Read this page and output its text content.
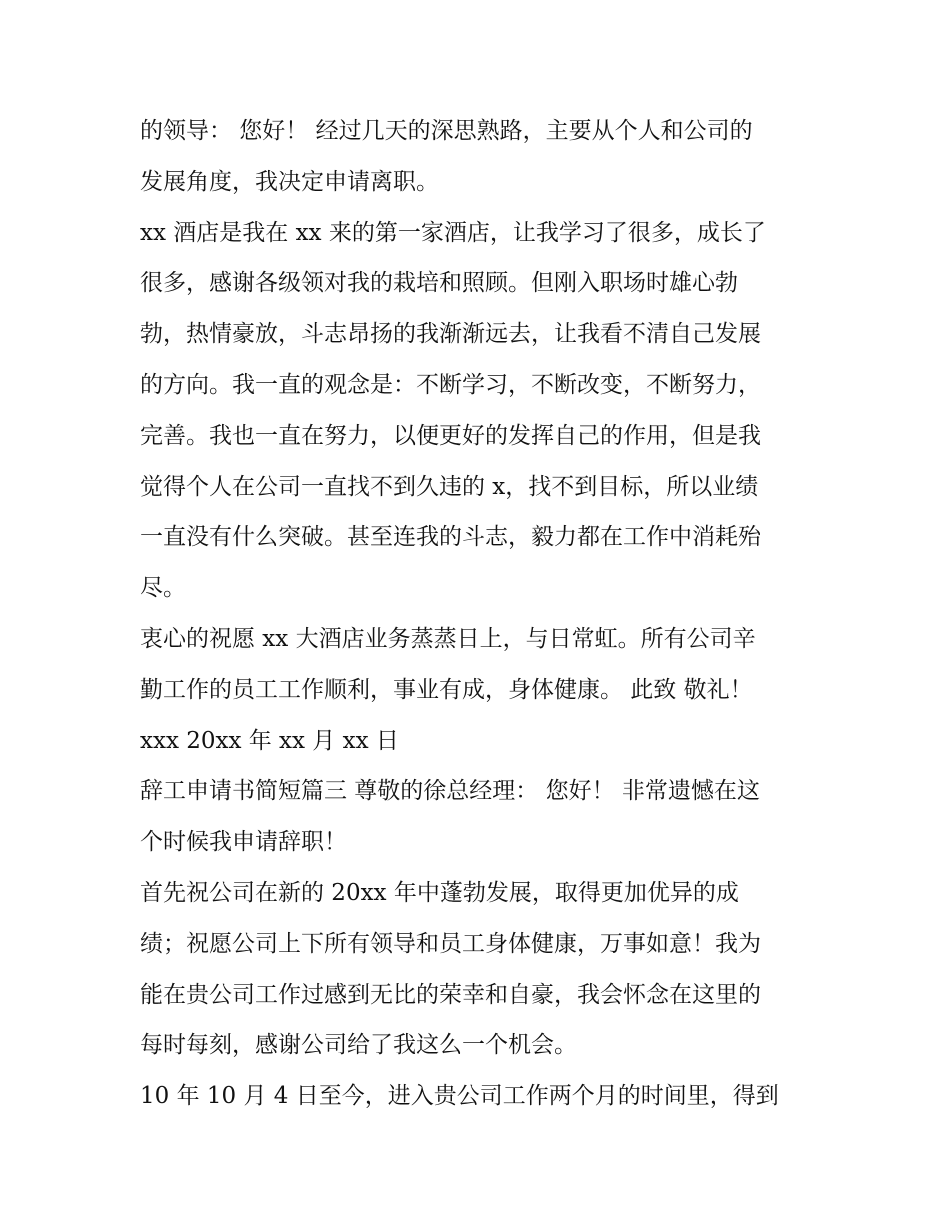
的领导： 您好！ 经过几天的深思熟路，主要从个人和公司的
发展角度，我决定申请离职。
xx 酒店是我在 xx 来的第一家酒店，让我学习了很多，成长了
很多，感谢各级领对我的栽培和照顾。但刚入职场时雄心勃
勃，热情豪放，斗志昂扬的我渐渐远去，让我看不清自己发展
的方向。我一直的观念是：不断学习，不断改变，不断努力，
完善。我也一直在努力，以便更好的发挥自己的作用，但是我
觉得个人在公司一直找不到久违的 x，找不到目标，所以业绩
一直没有什么突破。甚至连我的斗志，毅力都在工作中消耗殆
尽。
衷心的祝愿 xx 大酒店业务蒸蒸日上，与日常虹。所有公司辛
勤工作的员工工作顺利，事业有成，身体健康。 此致 敬礼！
xxx 20xx 年 xx 月 xx 日
辞工申请书简短篇三 尊敬的徐总经理： 您好！ 非常遗憾在这
个时候我申请辞职！
首先祝公司在新的 20xx 年中蓬勃发展，取得更加优异的成
绩；祝愿公司上下所有领导和员工身体健康，万事如意！我为
能在贵公司工作过感到无比的荣幸和自豪，我会怀念在这里的
每时每刻，感谢公司给了我这么一个机会。
10 年 10 月 4 日至今，进入贵公司工作两个月的时间里，得到
